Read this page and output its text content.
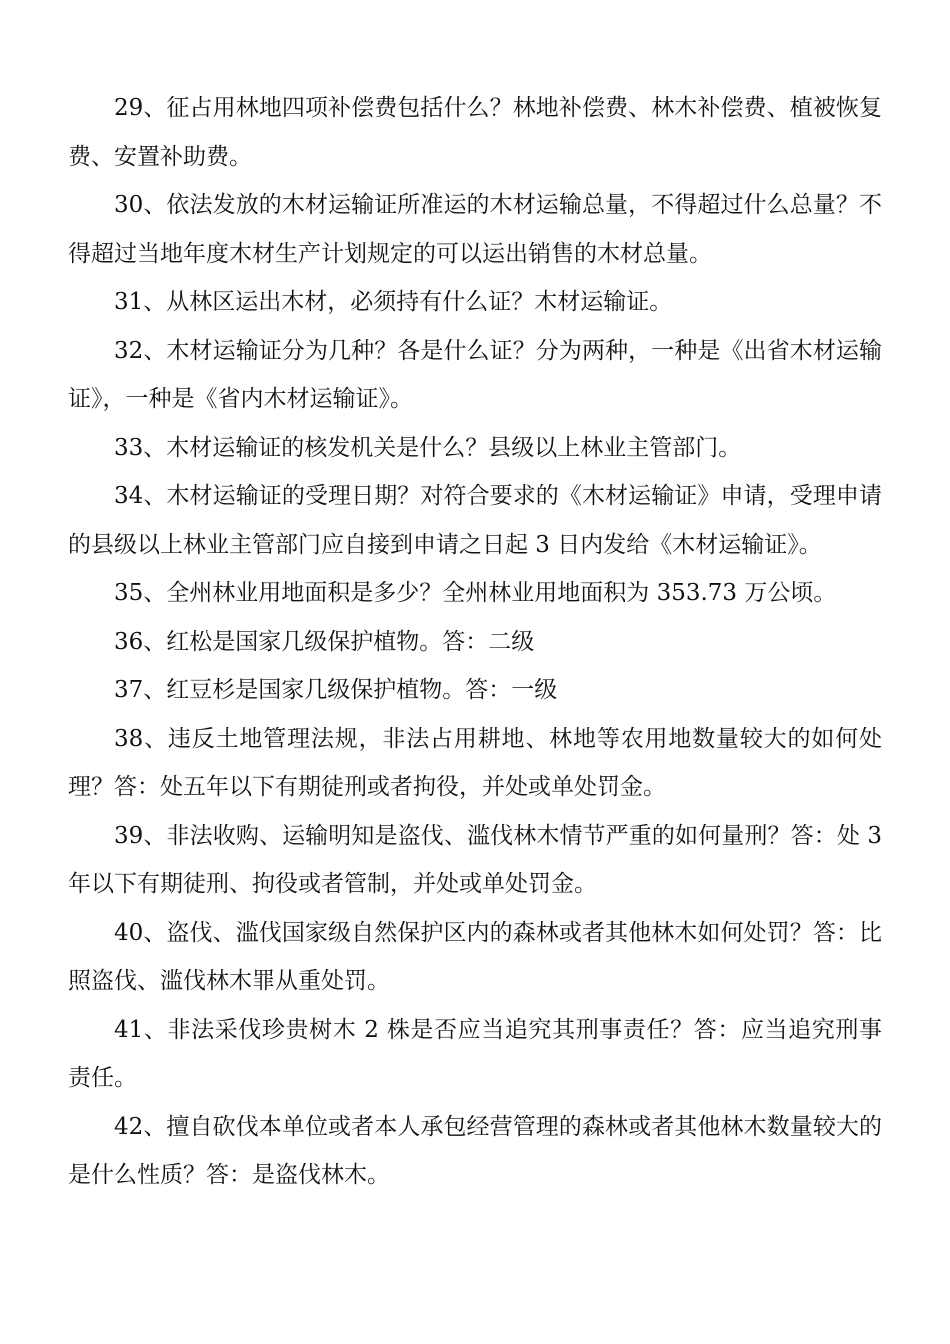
29、征占用林地四项补偿费包括什么？林地补偿费、林木补偿费、植被恢复费、安置补助费。

30、依法发放的木材运输证所准运的木材运输总量，不得超过什么总量？不得超过当地年度木材生产计划规定的可以运出销售的木材总量。

31、从林区运出木材，必须持有什么证？木材运输证。

32、木材运输证分为几种？各是什么证？分为两种，一种是《出省木材运输证》，一种是《省内木材运输证》。

33、木材运输证的核发机关是什么？县级以上林业主管部门。

34、木材运输证的受理日期？对符合要求的《木材运输证》申请，受理申请的县级以上林业主管部门应自接到申请之日起 3 日内发给《木材运输证》。

35、全州林业用地面积是多少？全州林业用地面积为 353.73 万公顷。

36、红松是国家几级保护植物。答：二级

37、红豆杉是国家几级保护植物。答：一级

38、违反土地管理法规，非法占用耕地、林地等农用地数量较大的如何处理？答：处五年以下有期徒刑或者拘役，并处或单处罚金。

39、非法收购、运输明知是盗伐、滥伐林木情节严重的如何量刑？答：处 3 年以下有期徒刑、拘役或者管制，并处或单处罚金。

40、盗伐、滥伐国家级自然保护区内的森林或者其他林木如何处罚？答：比照盗伐、滥伐林木罪从重处罚。

41、非法采伐珍贵树木 2 株是否应当追究其刑事责任？答：应当追究刑事责任。

42、擅自砍伐本单位或者本人承包经营管理的森林或者其他林木数量较大的是什么性质？答：是盗伐林木。
